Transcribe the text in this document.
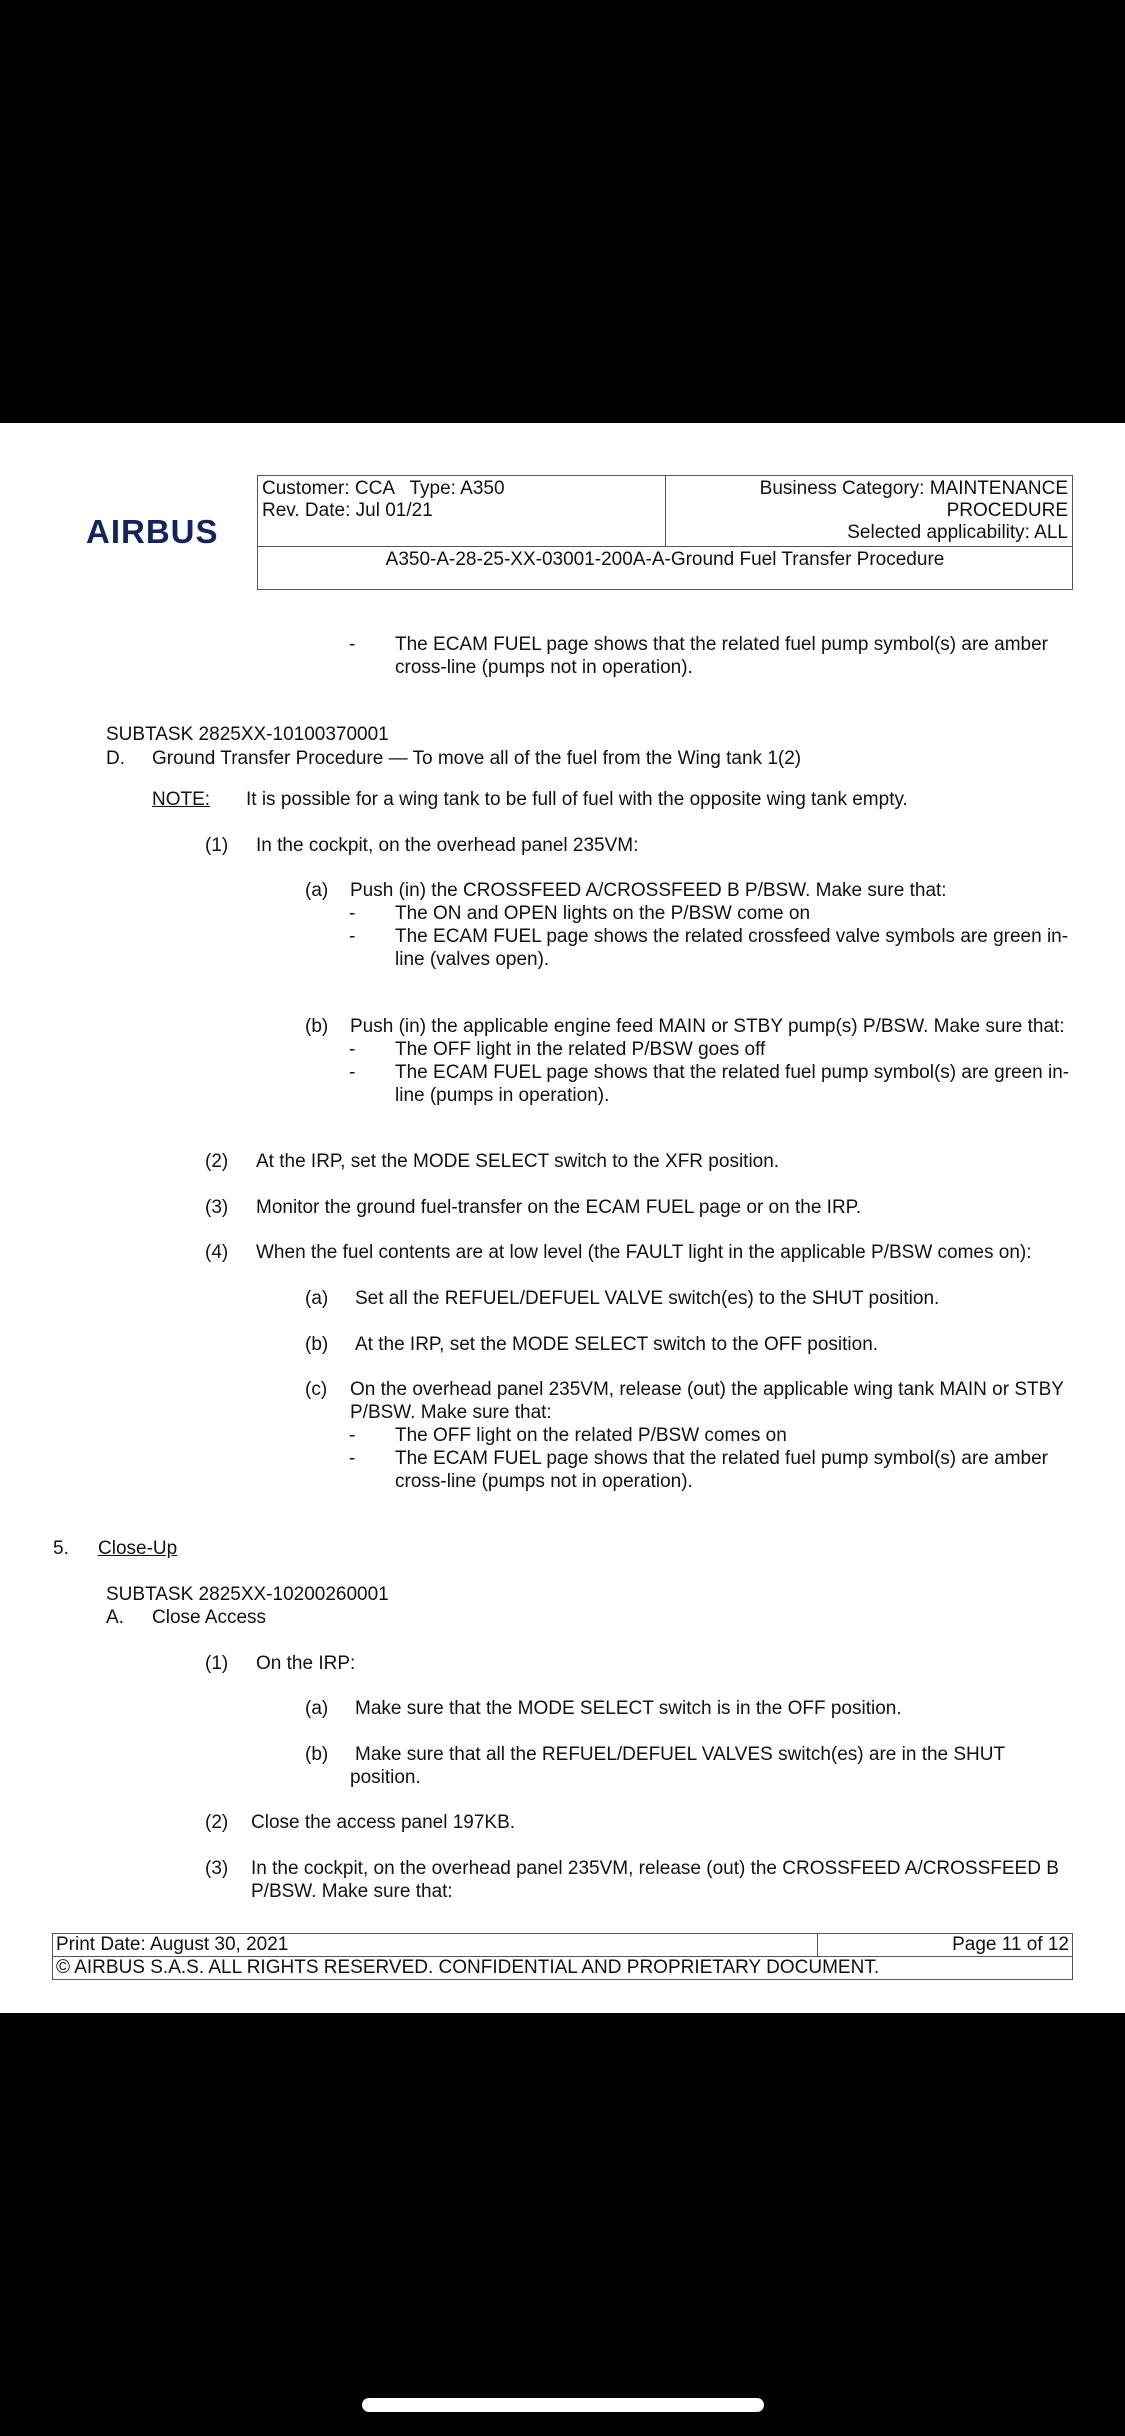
AIRBUS
Customer: CCA   Type: A350
Rev. Date: Jul 01/21

Business Category: MAINTENANCE
PROCEDURE
Selected applicability: ALL

A350-A-28-25-XX-03001-200A-A-Ground Fuel Transfer Procedure
- The ECAM FUEL page shows that the related fuel pump symbol(s) are amber
cross-line (pumps not in operation).
SUBTASK 2825XX-10100370001
D. Ground Transfer Procedure — To move all of the fuel from the Wing tank 1(2)
NOTE: It is possible for a wing tank to be full of fuel with the opposite wing tank empty.
(1) In the cockpit, on the overhead panel 235VM:
(a) Push (in) the CROSSFEED A/CROSSFEED B P/BSW. Make sure that:
- The ON and OPEN lights on the P/BSW come on
- The ECAM FUEL page shows the related crossfeed valve symbols are green in-
line (valves open).
(b) Push (in) the applicable engine feed MAIN or STBY pump(s) P/BSW. Make sure that:
- The OFF light in the related P/BSW goes off
- The ECAM FUEL page shows that the related fuel pump symbol(s) are green in-
line (pumps in operation).
(2) At the IRP, set the MODE SELECT switch to the XFR position.
(3) Monitor the ground fuel-transfer on the ECAM FUEL page or on the IRP.
(4) When the fuel contents are at low level (the FAULT light in the applicable P/BSW comes on):
(a) Set all the REFUEL/DEFUEL VALVE switch(es) to the SHUT position.
(b) At the IRP, set the MODE SELECT switch to the OFF position.
(c) On the overhead panel 235VM, release (out) the applicable wing tank MAIN or STBY
P/BSW. Make sure that:
- The OFF light on the related P/BSW comes on
- The ECAM FUEL page shows that the related fuel pump symbol(s) are amber
cross-line (pumps not in operation).
5. Close-Up
SUBTASK 2825XX-10200260001
A. Close Access
(1) On the IRP:
(a) Make sure that the MODE SELECT switch is in the OFF position.
(b) Make sure that all the REFUEL/DEFUEL VALVES switch(es) are in the SHUT
position.
(2) Close the access panel 197KB.
(3) In the cockpit, on the overhead panel 235VM, release (out) the CROSSFEED A/CROSSFEED B
P/BSW. Make sure that:
Print Date: August 30, 2021	Page 11 of 12
© AIRBUS S.A.S. ALL RIGHTS RESERVED. CONFIDENTIAL AND PROPRIETARY DOCUMENT.
